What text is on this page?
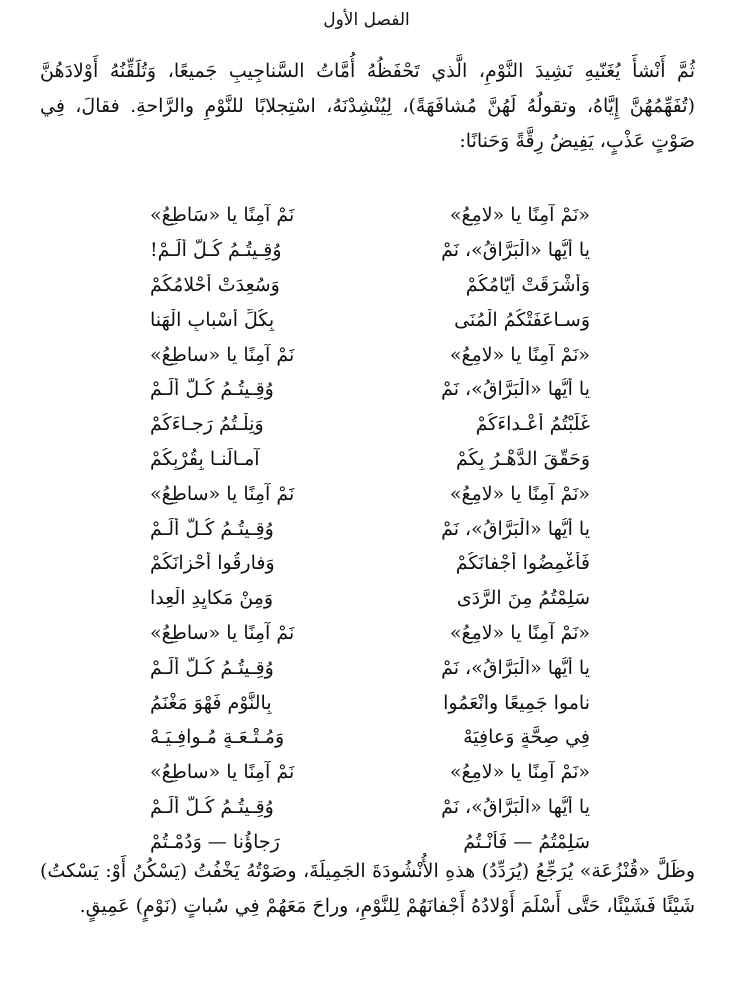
الفصل الأول

ثُمَّ أَنْشأَ يُغَنّيهِ نَشِيدَ النَّوْمِ، الَّذي تَحْفَظُهُ أُمَّاتُ السَّناجِيبِ جَميعًا، وَتُلَقِّنُهُ أَوْلادَهُنَّ (تُفَهِّمُهُنَّ إِيَّاهُ، وتقولُهُ لَهُنَّ مُشافَهَةً)، لِيُنْشِدْنَهُ، اسْتِجلابًا للنَّوْمِ والرَّاحةِ. فقالَ، فِي صَوْتٍ عَذْبٍ، يَفِيضُ رِقَّةً وَحَنانًا:

«نَمْ آمِنًا يا «لامِعُ»
نَمْ آمِنًا يا «سَاطِعُ»
يا أَيُّها «الْبَرَّاقُ»، نَمْ
وُقِـيتُـمُ كُـلَّ أَلَـمْ!
وَأَشْرَقَتْ أَيّامُكُمْ
وَسُعِدَتْ أَحْلامُكُمْ
وَسـاعَفَتْكُمُ الْمُنَى
بِكُلِّ أَسْبابِ الْهَنا
«نَمْ آمِنًا يا «لامِعُ»
نَمْ آمِنًا يا «ساطِعُ»
يا أَيُّها «الْبَرَّاقُ»، نَمْ
وُقِـيتُـمُ كُـلَّ أَلَـمْ
غَلَبْتُمُ أَعْـداءَكُمْ
وَنِلْـتُمُ رَجـاءَكُمْ
وَحَقَّقَ الدَّهْـرُ بِكُمْ
آمـالَنـا بِقُرْبِكُمْ
«نَمْ آمِنًا يا «لامِعُ»
نَمْ آمِنًا يا «ساطِعُ»
يا أَيُّها «الْبَرَّاقُ»، نَمْ
وُقِـيتُـمُ كُـلَّ أَلَـمْ
فَأَغْمِضُوا أَجْفانَكُمْ
وَفارِقُوا أَحْزانَكُمْ
سَلِمْتُمُ مِنَ الرَّدَى
وَمِنْ مَكايِدِ الْعِدا
«نَمْ آمِنًا يا «لامِعُ»
نَمْ آمِنًا يا «ساطِعُ»
يا أَيُّها «الْبَرَّاقُ»، نَمْ
وُقِـيتُـمُ كُـلَّ أَلَـمْ
ناموا جَمِيعًا وانْعَمُوا
بِالنَّوْمِ فَهْوَ مَغْنَمُ
فِي صِحَّةٍ وَعافِيَهْ
وَمُـتْـعَـةٍ مُـوافِـيَـهْ
«نَمْ آمِنًا يا «لامِعُ»
نَمْ آمِنًا يا «ساطِعُ»
يا أَيُّها «الْبَرَّاقُ»، نَمْ
وُقِـيتُـمُ كُـلَّ أَلَـمْ
سَلِمْتُمُ — فَأَنْـتُمُ
رَجاؤُنا — وَدُمْـتُمْ

وظَلَّ «قُنْزُعَة» يُرَجِّعُ (يُرَدِّدُ) هذهِ الأُنْشُودَةَ الجَمِيلَةَ، وصَوْتُهُ يَخْفُتُ (يَسْكُنُ أَوْ: يَسْكتُ) شَيْئًا فَشَيْئًا، حَتَّى أَسْلَمَ أَوْلادُهُ أَجْفانَهُمْ لِلنَّوْمِ، وراحَ مَعَهُمْ فِي سُباتٍ (نَوْمٍ) عَمِيقٍ.
